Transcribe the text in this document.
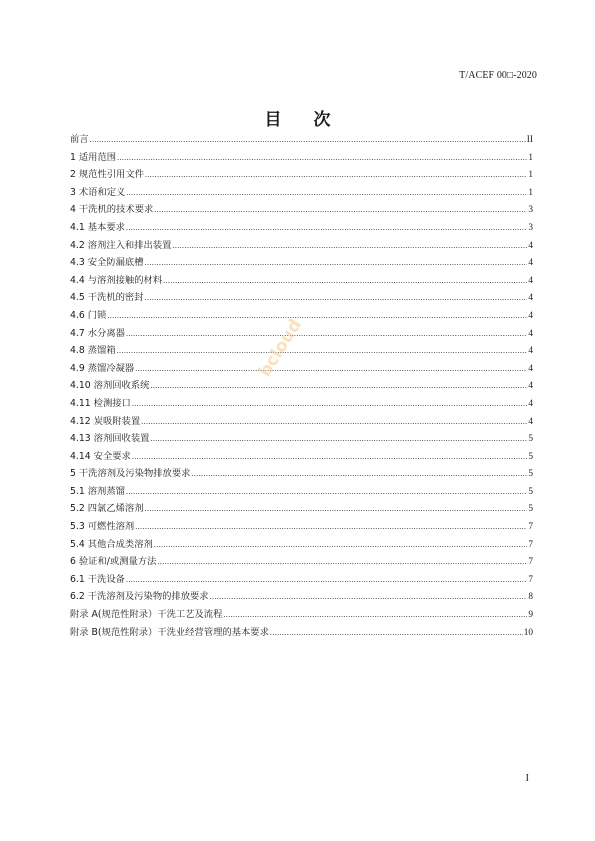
T/ACEF 00□-2020
目次
前言 .....	II
1 适用范围 .....	1
2 规范性引用文件 .....	1
3 术语和定义 .....	1
4 干洗机的技术要求 .....	3
4.1 基本要求 .....	3
4.2 溶剂注入和排出装置 .....	4
4.3 安全防漏底槽 .....	4
4.4 与溶剂接触的材料 .....	4
4.5 干洗机的密封 .....	4
4.6 门锁 .....	4
4.7 水分离器 .....	4
4.8 蒸馏箱 .....	4
4.9 蒸馏冷凝器 .....	4
4.10 溶剂回收系统 .....	4
4.11 检测接口 .....	4
4.12 炭吸附装置 .....	4
4.13 溶剂回收装置 .....	5
4.14 安全要求 .....	5
5 干洗溶剂及污染物排放要求 .....	5
5.1 溶剂蒸馏 .....	5
5.2 四氯乙烯溶剂 .....	5
5.3 可燃性溶剂 .....	7
5.4 其他合成类溶剂 .....	7
6 验证和/或测量方法 .....	7
6.1 干洗设备 .....	7
6.2 干洗溶剂及污染物的排放要求 .....	8
附录 A(规范性附录）干洗工艺及流程 .....	9
附录 B(规范性附录）干洗业经营管理的基本要求 .....	10
I
bcloud
